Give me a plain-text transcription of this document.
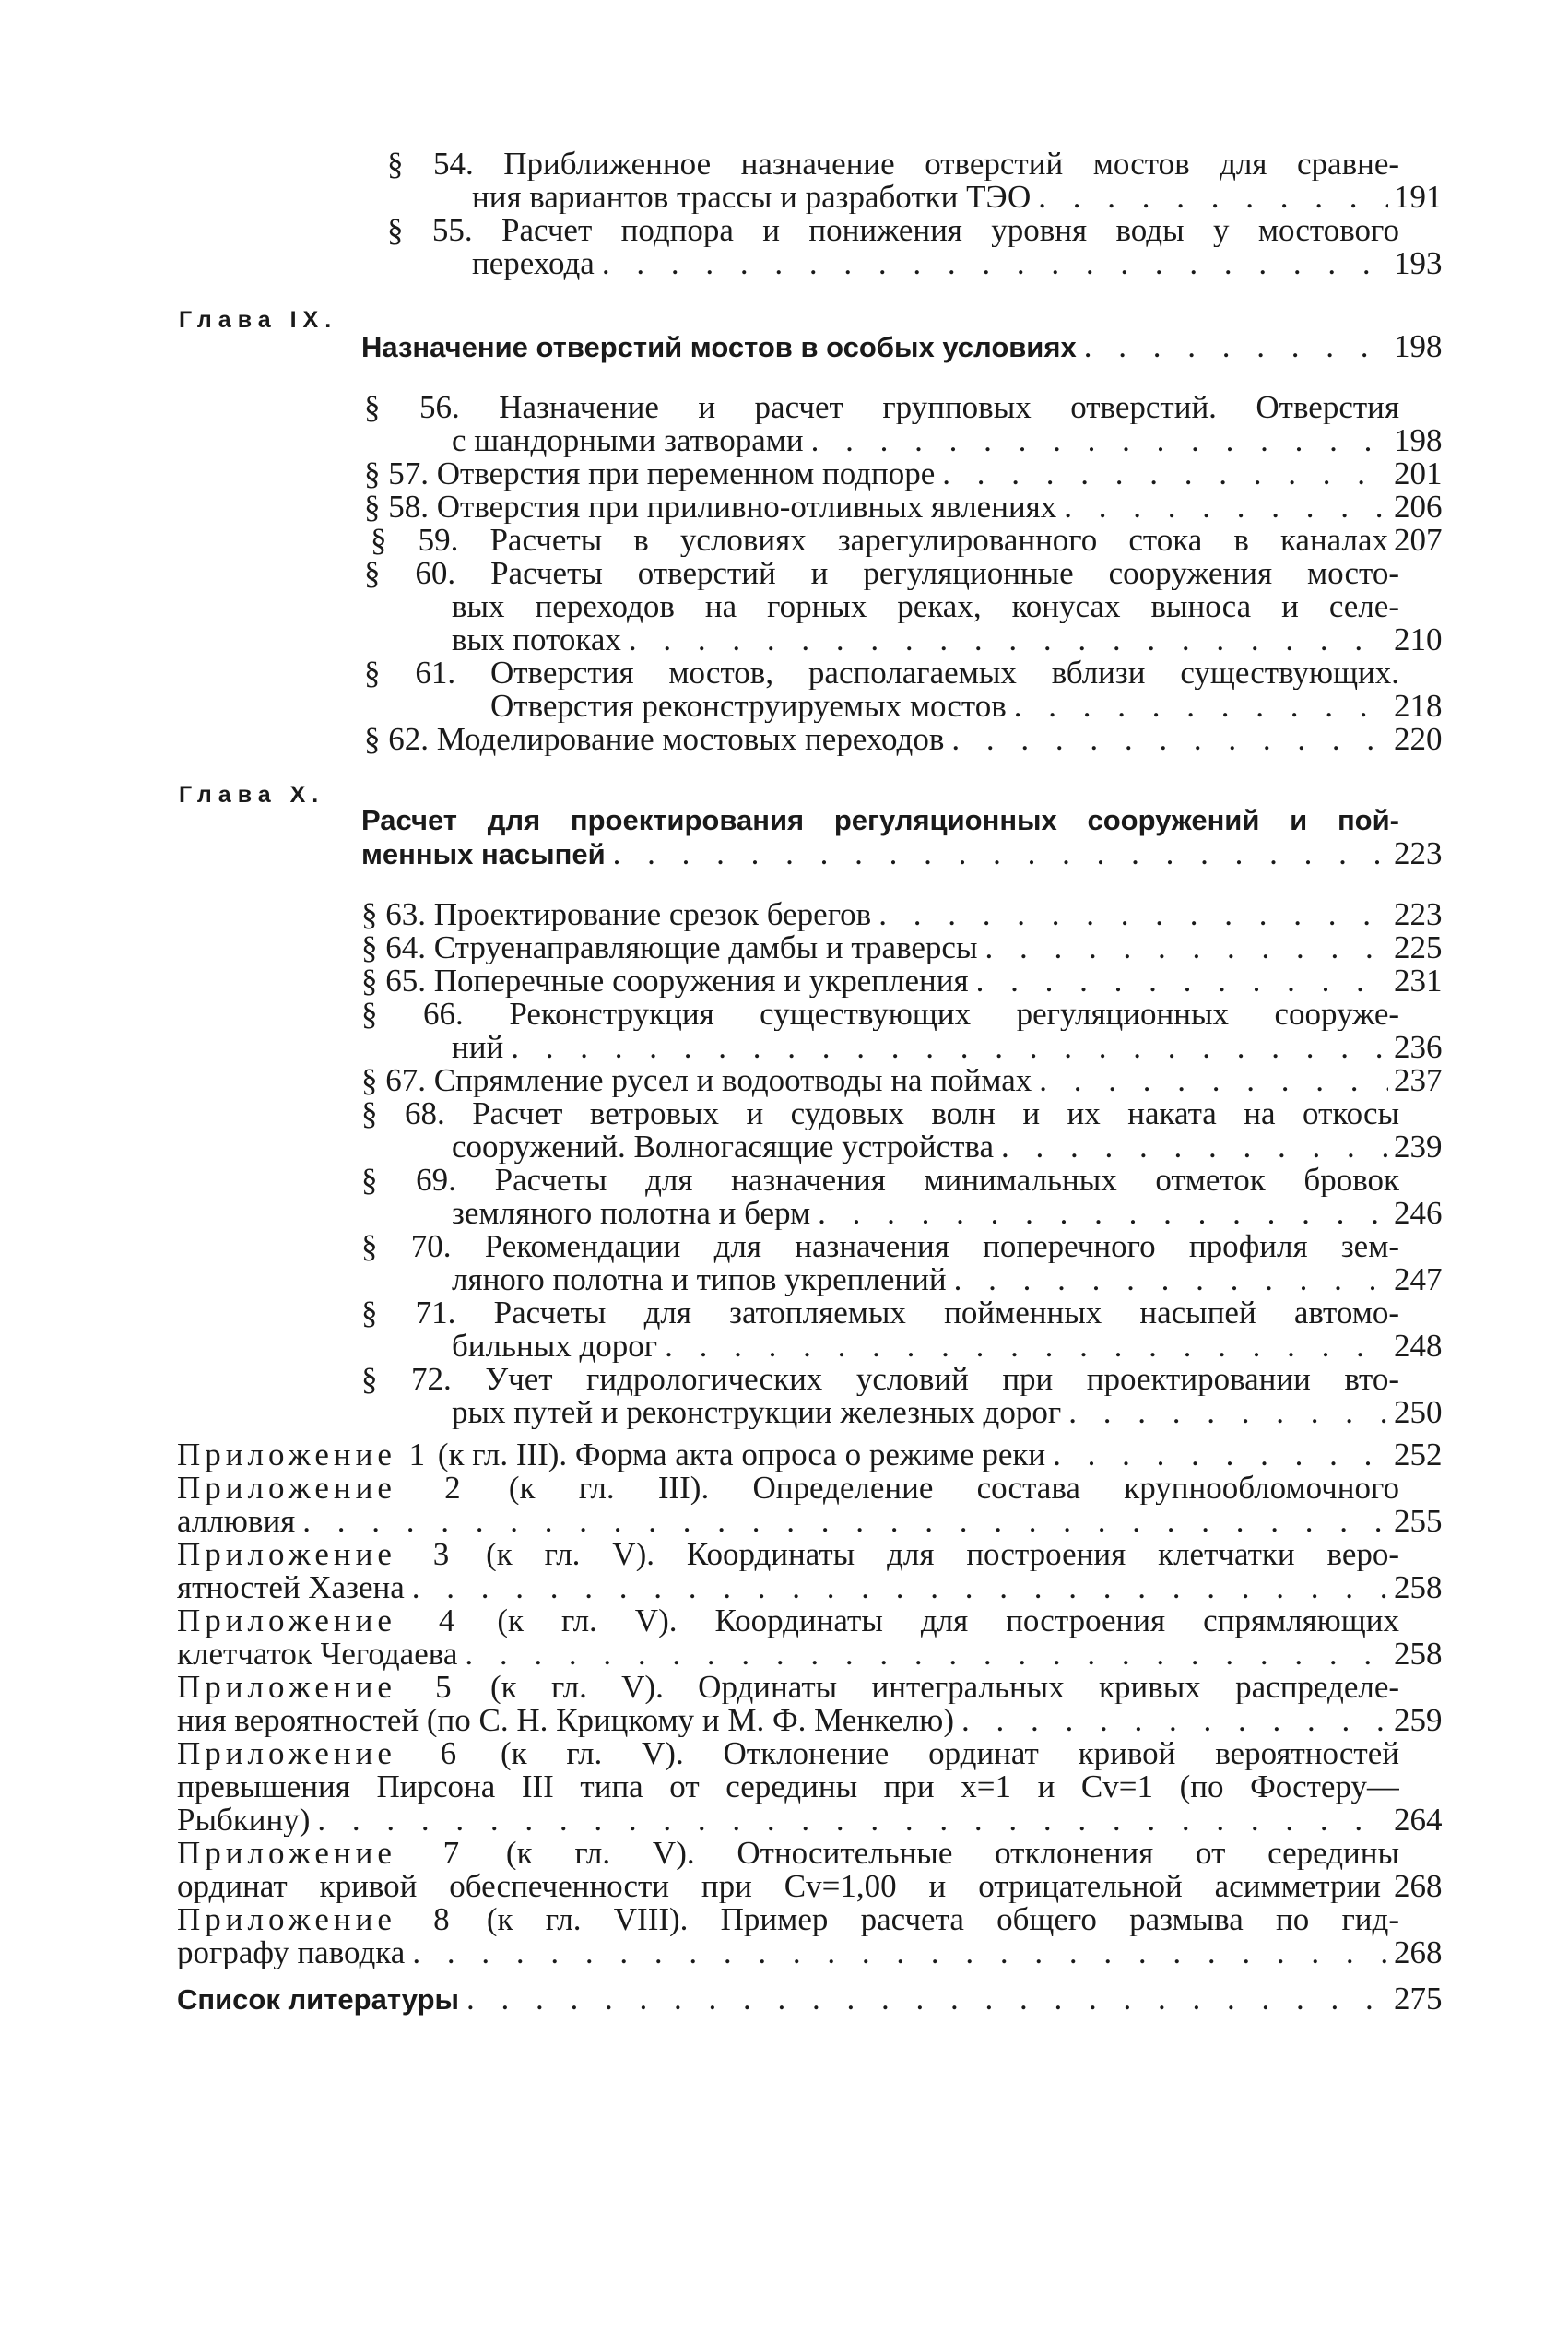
§ 54. Приближенное назначение отверстий мостов для сравне-
ния вариантов трассы и разработки ТЭО . . .	191
§ 55. Расчет подпора и понижения уровня воды у мостового
перехода . . .	193
Глава IX.
Назначение отверстий мостов в особых условиях . . .	198
§ 56. Назначение и расчет групповых отверстий. Отверстия
с шандорными затворами . . .	198
§ 57. Отверстия при переменном подпоре . . .	201
§ 58. Отверстия при приливно-отливных явлениях . . .	206
§ 59. Расчеты в условиях зарегулированного стока в каналах 207
§ 60. Расчеты отверстий и регуляционные сооружения мосто-
вых переходов на горных реках, конусах выноса и селе-
вых потоках . . .	210
§ 61. Отверстия мостов, располагаемых вблизи существующих.
Отверстия реконструируемых мостов . . .	218
§ 62. Моделирование мостовых переходов . . .	220
Глава X.
Расчет для проектирования регуляционных сооружений и пой-
менных насыпей . . .	223
§ 63. Проектирование срезок берегов . . .	223
§ 64. Струенаправляющие дамбы и траверсы . . .	225
§ 65. Поперечные сооружения и укрепления . . .	231
§ 66. Реконструкция существующих регуляционных сооруже-
ний . . .	236
§ 67. Спрямление русел и водоотводы на поймах . . .	237
§ 68. Расчет ветровых и судовых волн и их наката на откосы
сооружений. Волногасящие устройства . . .	239
§ 69. Расчеты для назначения минимальных отметок бровок
земляного полотна и берм . . .	246
§ 70. Рекомендации для назначения поперечного профиля зем-
ляного полотна и типов укреплений . . .	247
§ 71. Расчеты для затопляемых пойменных насыпей автомо-
бильных дорог . . .	248
§ 72. Учет гидрологических условий при проектировании вто-
рых путей и реконструкции железных дорог . . .	250
Приложение 1 (к гл. III). Форма акта опроса о режиме реки . . .	252
Приложение 2 (к гл. III). Определение состава крупнообломочного
аллювия . . .	255
Приложение 3 (к гл. V). Координаты для построения клетчатки веро-
ятностей Хазена . . .	258
Приложение 4 (к гл. V). Координаты для построения спрямляющих
клетчаток Чегодаева . . .	258
Приложение 5 (к гл. V). Ординаты интегральных кривых распределе-
ния вероятностей (по С. Н. Крицкому и М. Ф. Менкелю) . . .	259
Приложение 6 (к гл. V). Отклонение ординат кривой вероятностей
превышения Пирсона III типа от середины при x=1 и Cv=1 (по Фостеру—
Рыбкину) . . .	264
Приложение 7 (к гл. V). Относительные отклонения от середины
ординат кривой обеспеченности при Cv=1,00 и отрицательной асимметрии 268
Приложение 8 (к гл. VIII). Пример расчета общего размыва по гид-
рографу паводка . . .	268
Список литературы . . .	275
